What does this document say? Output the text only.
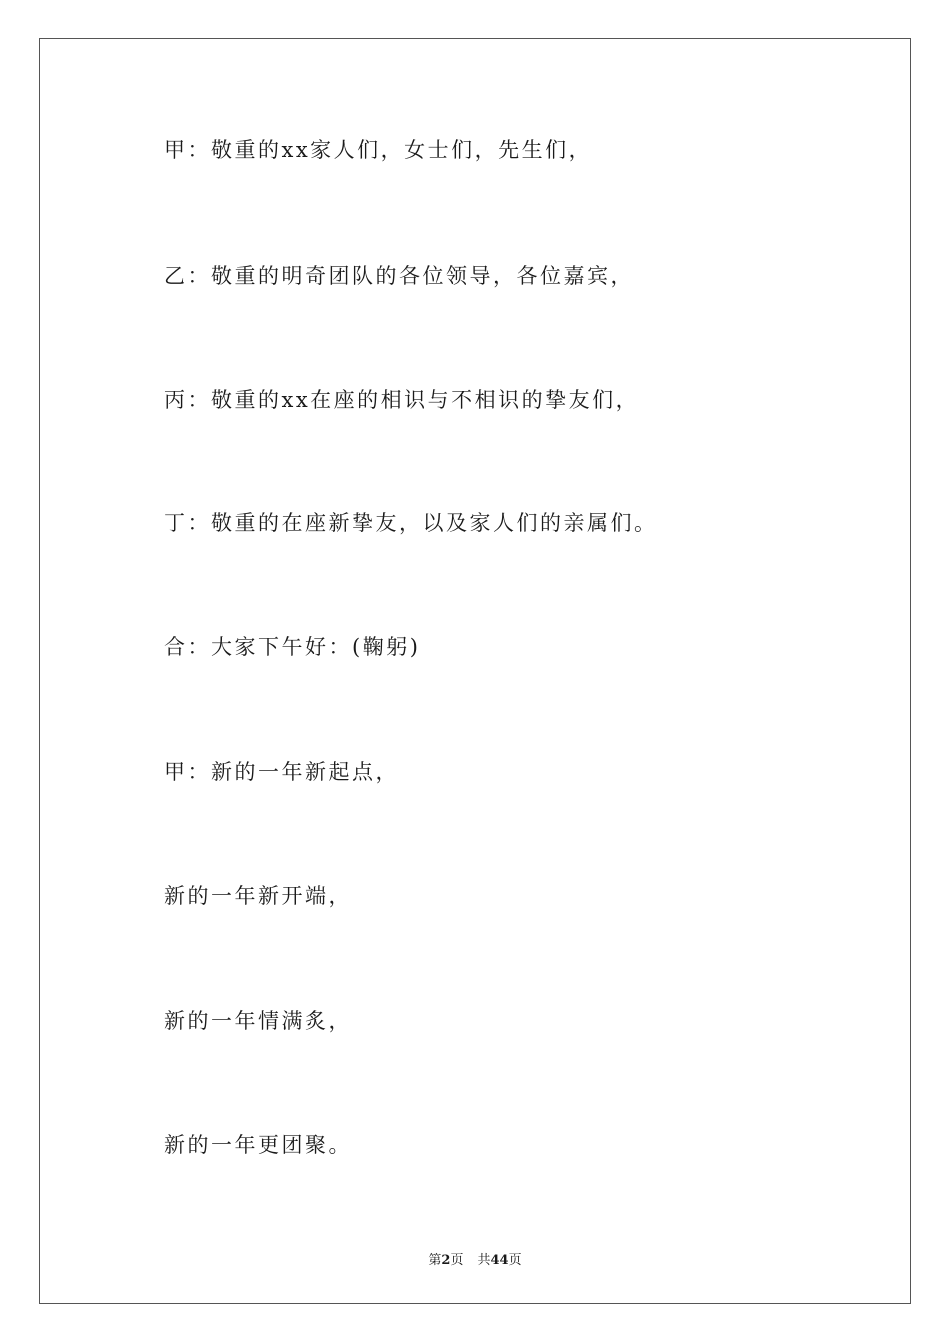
甲：敬重的xx家人们，女士们，先生们，
乙：敬重的明奇团队的各位领导，各位嘉宾，
丙：敬重的xx在座的相识与不相识的挚友们，
丁：敬重的在座新挚友，以及家人们的亲属们。
合：大家下午好：(鞠躬)
甲：新的一年新起点，
新的一年新开端，
新的一年情满炙，
新的一年更团聚。
第2页 共44页
